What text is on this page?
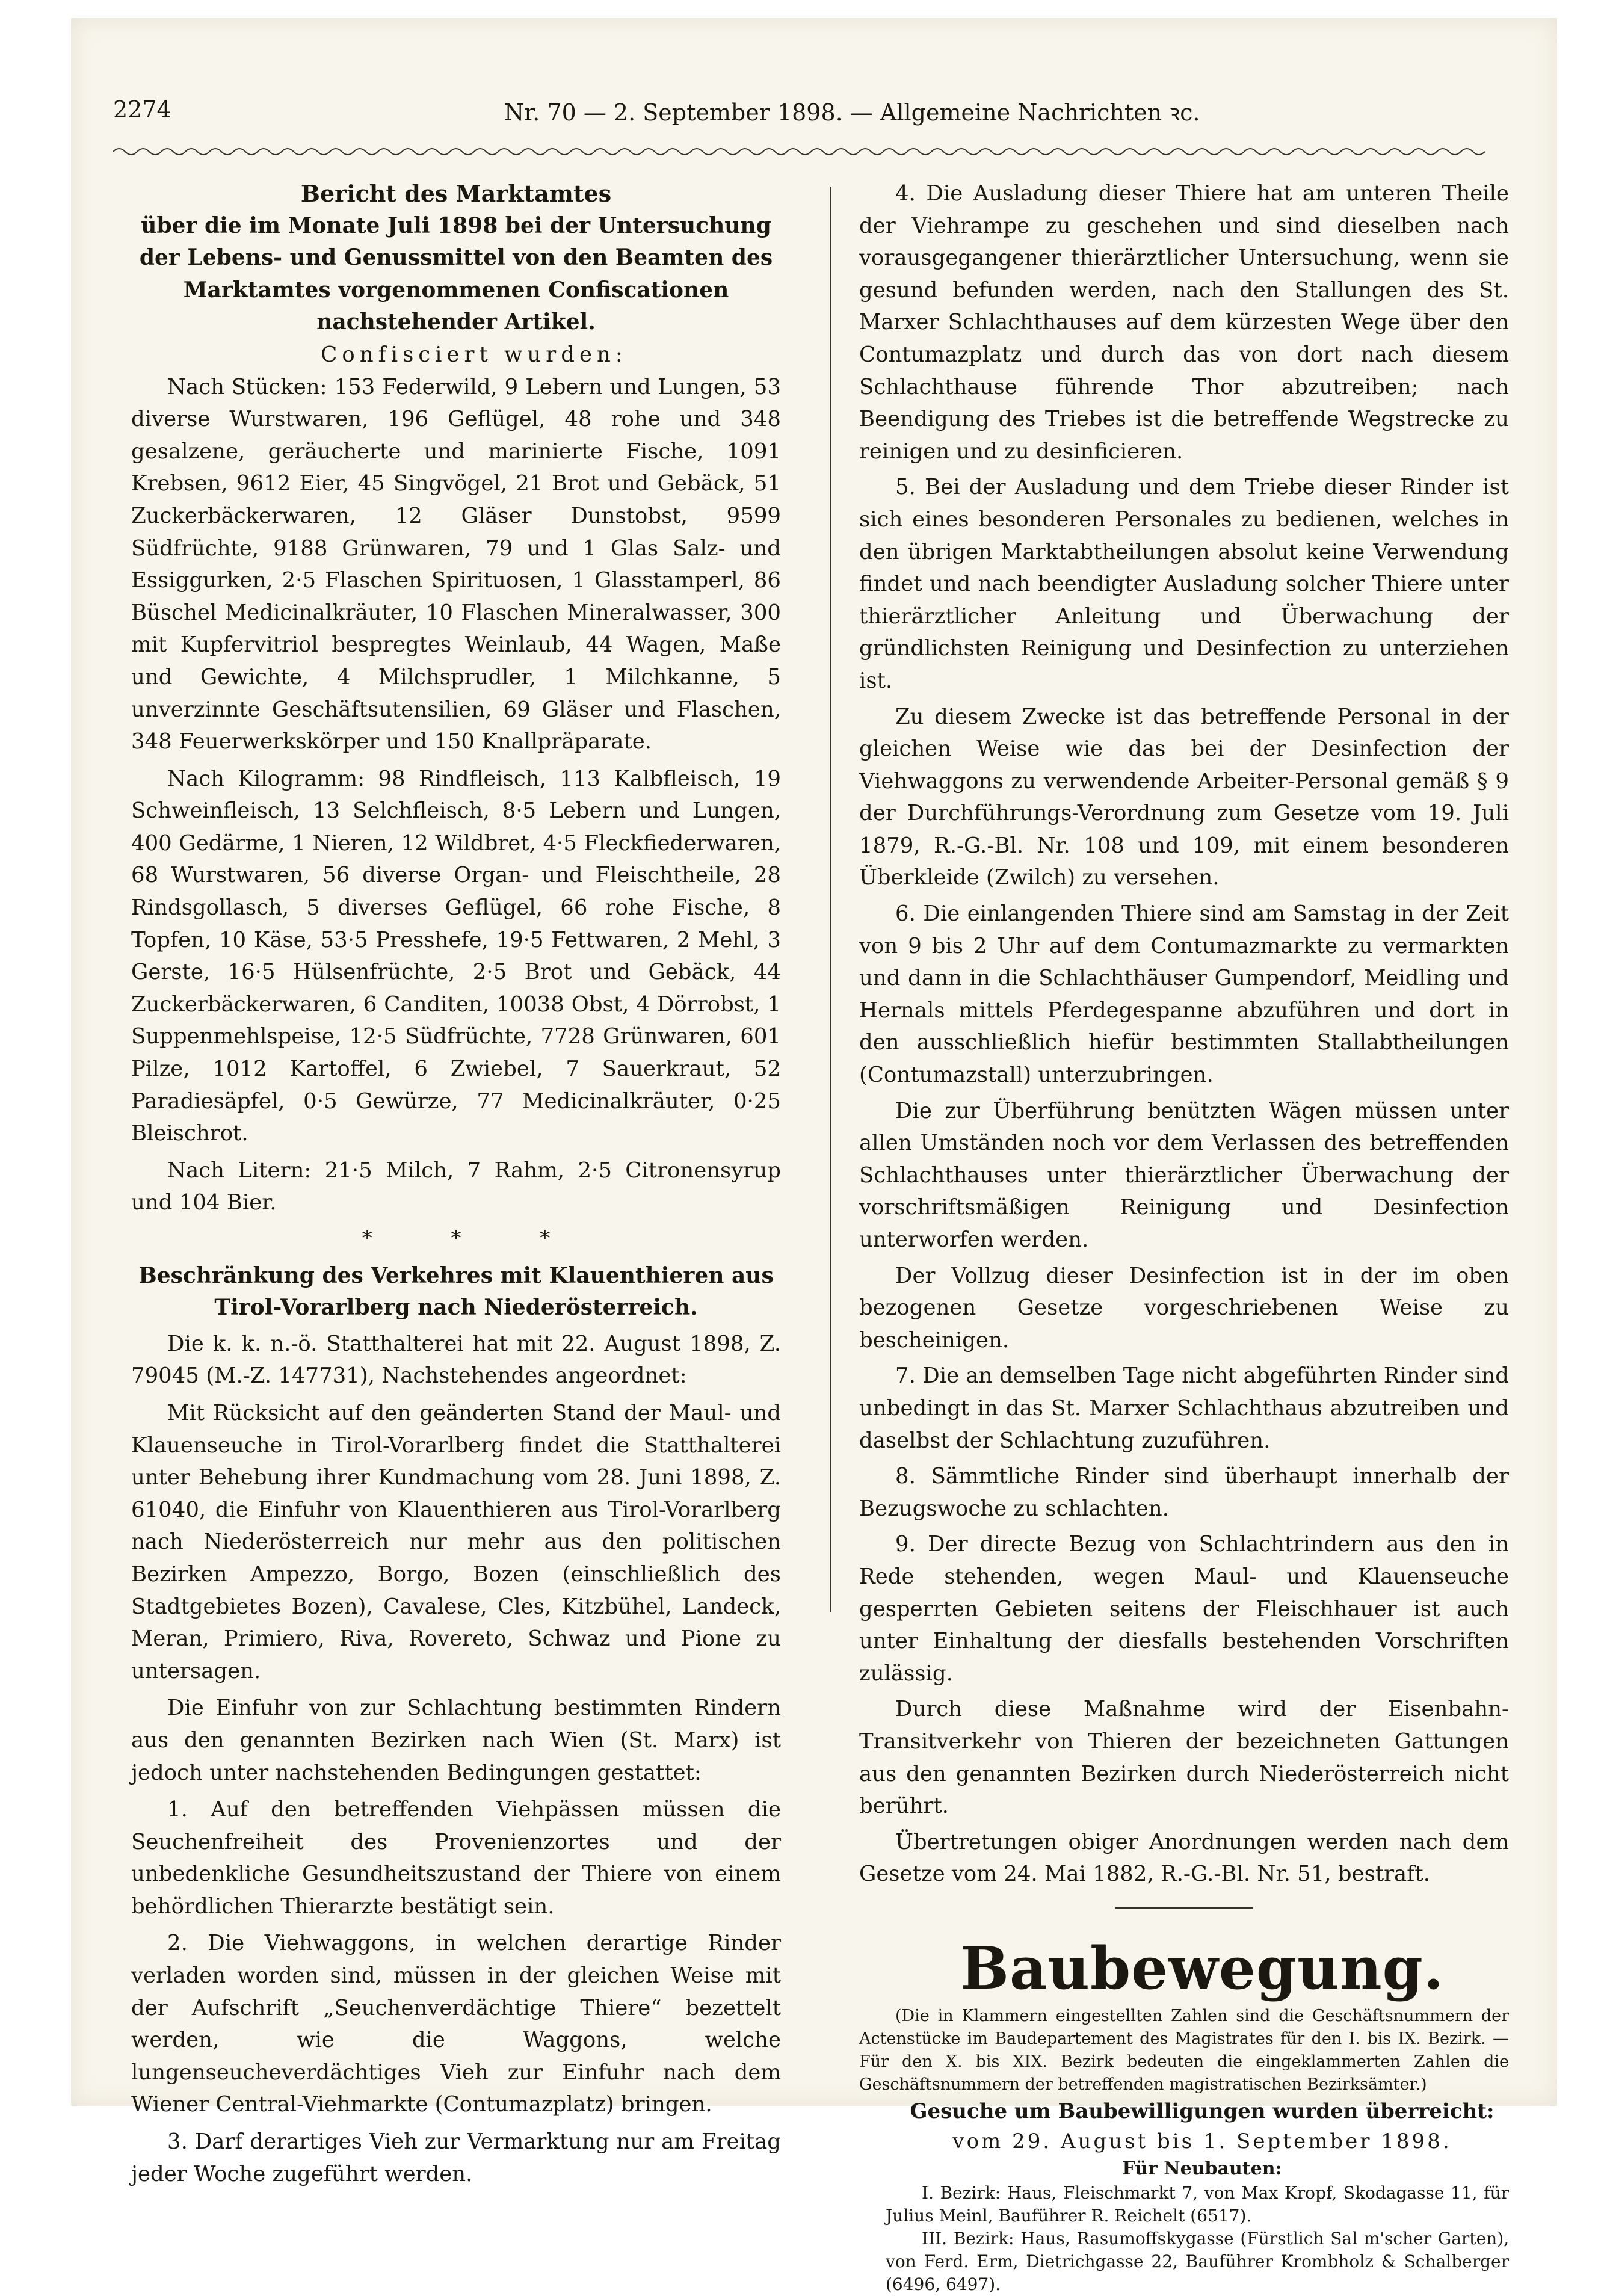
2274	Nr. 70 — 2. September 1898. — Allgemeine Nachrichten ⁠ꝛc.
Bericht des Marktamtes
über die im Monate Juli 1898 bei der Untersuchung der Lebens- und Genussmittel von den Beamten des Marktamtes vorgenommenen Confiscationen nachstehender Artikel.

Confisciert wurden:

Nach Stücken: 153 Federwild, 9 Lebern und Lungen, 53 diverse Wurstwaren, 196 Geflügel, 48 rohe und 348 gesalzene, geräucherte und marinierte Fische, 1091 Krebsen, 9612 Eier, 45 Singvögel, 21 Brot und Gebäck, 51 Zuckerbäckerwaren, 12 Gläser Dunstobst, 9599 Südfrüchte, 9188 Grünwaren, 79 und 1 Glas Salz- und Essiggurken, 2·5 Flaschen Spirituosen, 1 Glasstamperl, 86 Büschel Medicinalkräuter, 10 Flaschen Mineralwasser, 300 mit Kupfervitriol bespregtes Weinlaub, 44 Wagen, Maße und Gewichte, 4 Milchsprudler, 1 Milchkanne, 5 unverzinnte Geschäftsutensilien, 69 Gläser und Flaschen, 348 Feuerwerkskörper und 150 Knallpräparate.

Nach Kilogramm: 98 Rindfleisch, 113 Kalbfleisch, 19 Schweinfleisch, 13 Selchfleisch, 8·5 Lebern und Lungen, 400 Gedärme, 1 Nieren, 12 Wildbret, 4·5 Fleckfiederwaren, 68 Wurstwaren, 56 diverse Organ- und Fleischtheile, 28 Rindsgollasch, 5 diverses Geflügel, 66 rohe Fische, 8 Topfen, 10 Käse, 53·5 Presshefe, 19·5 Fettwaren, 2 Mehl, 3 Gerste, 16·5 Hülsenfrüchte, 2·5 Brot und Gebäck, 44 Zuckerbäckerwaren, 6 Canditen, 10038 Obst, 4 Dörrobst, 1 Suppenmehlspeise, 12·5 Südfrüchte, 7728 Grünwaren, 601 Pilze, 1012 Kartoffel, 6 Zwiebel, 7 Sauerkraut, 52 Paradiesäpfel, 0·5 Gewürze, 77 Medicinalkräuter, 0·25 Bleischrot.

Nach Litern: 21·5 Milch, 7 Rahm, 2·5 Citronensyrup und 104 Bier.

* * *

Beschränkung des Verkehres mit Klauenthieren aus Tirol-Vorarlberg nach Niederösterreich.

Die k. k. n.-ö. Statthalterei hat mit 22. August 1898, Z. 79045 (M.-Z. 147731), Nachstehendes angeordnet:

Mit Rücksicht auf den geänderten Stand der Maul- und Klauenseuche in Tirol-Vorarlberg findet die Statthalterei unter Behebung ihrer Kundmachung vom 28. Juni 1898, Z. 61040, die Einfuhr von Klauenthieren aus Tirol-Vorarlberg nach Niederösterreich nur mehr aus den politischen Bezirken Ampezzo, Borgo, Bozen (einschließlich des Stadtgebietes Bozen), Cavalese, Cles, Kitzbühel, Landeck, Meran, Primiero, Riva, Rovereto, Schwaz und Pione zu untersagen.

Die Einfuhr von zur Schlachtung bestimmten Rindern aus den genannten Bezirken nach Wien (St. Marx) ist jedoch unter nachstehenden Bedingungen gestattet:

1. Auf den betreffenden Viehpässen müssen die Seuchenfreiheit des Provenienzortes und der unbedenkliche Gesundheitszustand der Thiere von einem behördlichen Thierarzte bestätigt sein.

2. Die Viehwaggons, in welchen derartige Rinder verladen worden sind, müssen in der gleichen Weise mit der Aufschrift „Seuchenverdächtige Thiere“ bezettelt werden, wie die Waggons, welche lungenseucheverdächtiges Vieh zur Einfuhr nach dem Wiener Central-Viehmarkte (Contumazplatz) bringen.

3. Darf derartiges Vieh zur Vermarktung nur am Freitag jeder Woche zugeführt werden.

4. Die Ausladung dieser Thiere hat am unteren Theile der Viehrampe zu geschehen und sind dieselben nach vorausgegangener thierärztlicher Untersuchung, wenn sie gesund befunden werden, nach den Stallungen des St. Marxer Schlachthauses auf dem kürzesten Wege über den Contumazplatz und durch das von dort nach diesem Schlachthause führende Thor abzutreiben; nach Beendigung des Triebes ist die betreffende Wegstrecke zu reinigen und zu desinficieren.

5. Bei der Ausladung und dem Triebe dieser Rinder ist sich eines besonderen Personales zu bedienen, welches in den übrigen Marktabtheilungen absolut keine Verwendung findet und nach beendigter Ausladung solcher Thiere unter thierärztlicher Anleitung und Überwachung der gründlichsten Reinigung und Desinfection zu unterziehen ist.

Zu diesem Zwecke ist das betreffende Personal in der gleichen Weise wie das bei der Desinfection der Viehwaggons zu verwendende Arbeiter-Personal gemäß § 9 der Durchführungs-Verordnung zum Gesetze vom 19. Juli 1879, R.-G.-Bl. Nr. 108 und 109, mit einem besonderen Überkleide (Zwilch) zu versehen.

6. Die einlangenden Thiere sind am Samstag in der Zeit von 9 bis 2 Uhr auf dem Contumazmarkte zu vermarkten und dann in die Schlachthäuser Gumpendorf, Meidling und Hernals mittels Pferdegespanne abzuführen und dort in den ausschließlich hiefür bestimmten Stallabtheilungen (Contumazstall) unterzubringen.

Die zur Überführung benützten Wägen müssen unter allen Umständen noch vor dem Verlassen des betreffenden Schlachthauses unter thierärztlicher Überwachung der vorschriftsmäßigen Reinigung und Desinfection unterworfen werden.

Der Vollzug dieser Desinfection ist in der im oben bezogenen Gesetze vorgeschriebenen Weise zu bescheinigen.

7. Die an demselben Tage nicht abgeführten Rinder sind unbedingt in das St. Marxer Schlachthaus abzutreiben und daselbst der Schlachtung zuzuführen.

8. Sämmtliche Rinder sind überhaupt innerhalb der Bezugswoche zu schlachten.

9. Der directe Bezug von Schlachtrindern aus den in Rede stehenden, wegen Maul- und Klauenseuche gesperrten Gebieten seitens der Fleischhauer ist auch unter Einhaltung der diesfalls bestehenden Vorschriften zulässig.

Durch diese Maßnahme wird der Eisenbahn-Transitverkehr von Thieren der bezeichneten Gattungen aus den genannten Bezirken durch Niederösterreich nicht berührt.

Übertretungen obiger Anordnungen werden nach dem Gesetze vom 24. Mai 1882, R.-G.-Bl. Nr. 51, bestraft.

Baubewegung.

(Die in Klammern eingestellten Zahlen sind die Geschäftsnummern der Actenstücke im Baudepartement des Magistrates für den I. bis IX. Bezirk. — Für den X. bis XIX. Bezirk bedeuten die eingeklammerten Zahlen die Geschäftsnummern der betreffenden magistratischen Bezirksämter.)

Gesuche um Baubewilligungen wurden überreicht:

vom 29. August bis 1. September 1898.

Für Neubauten:

I. Bezirk: Haus, Fleischmarkt 7, von Max Kropf, Skodagasse 11, für Julius Meinl, Bauführer R. Reichelt (6517).

III. Bezirk: Haus, Rasumoffskygasse (Fürstlich Sal m'scher Garten), von Ferd. Erm, Dietrichgasse 22, Bauführer Krombholz & Schalberger (6496, 6497).
